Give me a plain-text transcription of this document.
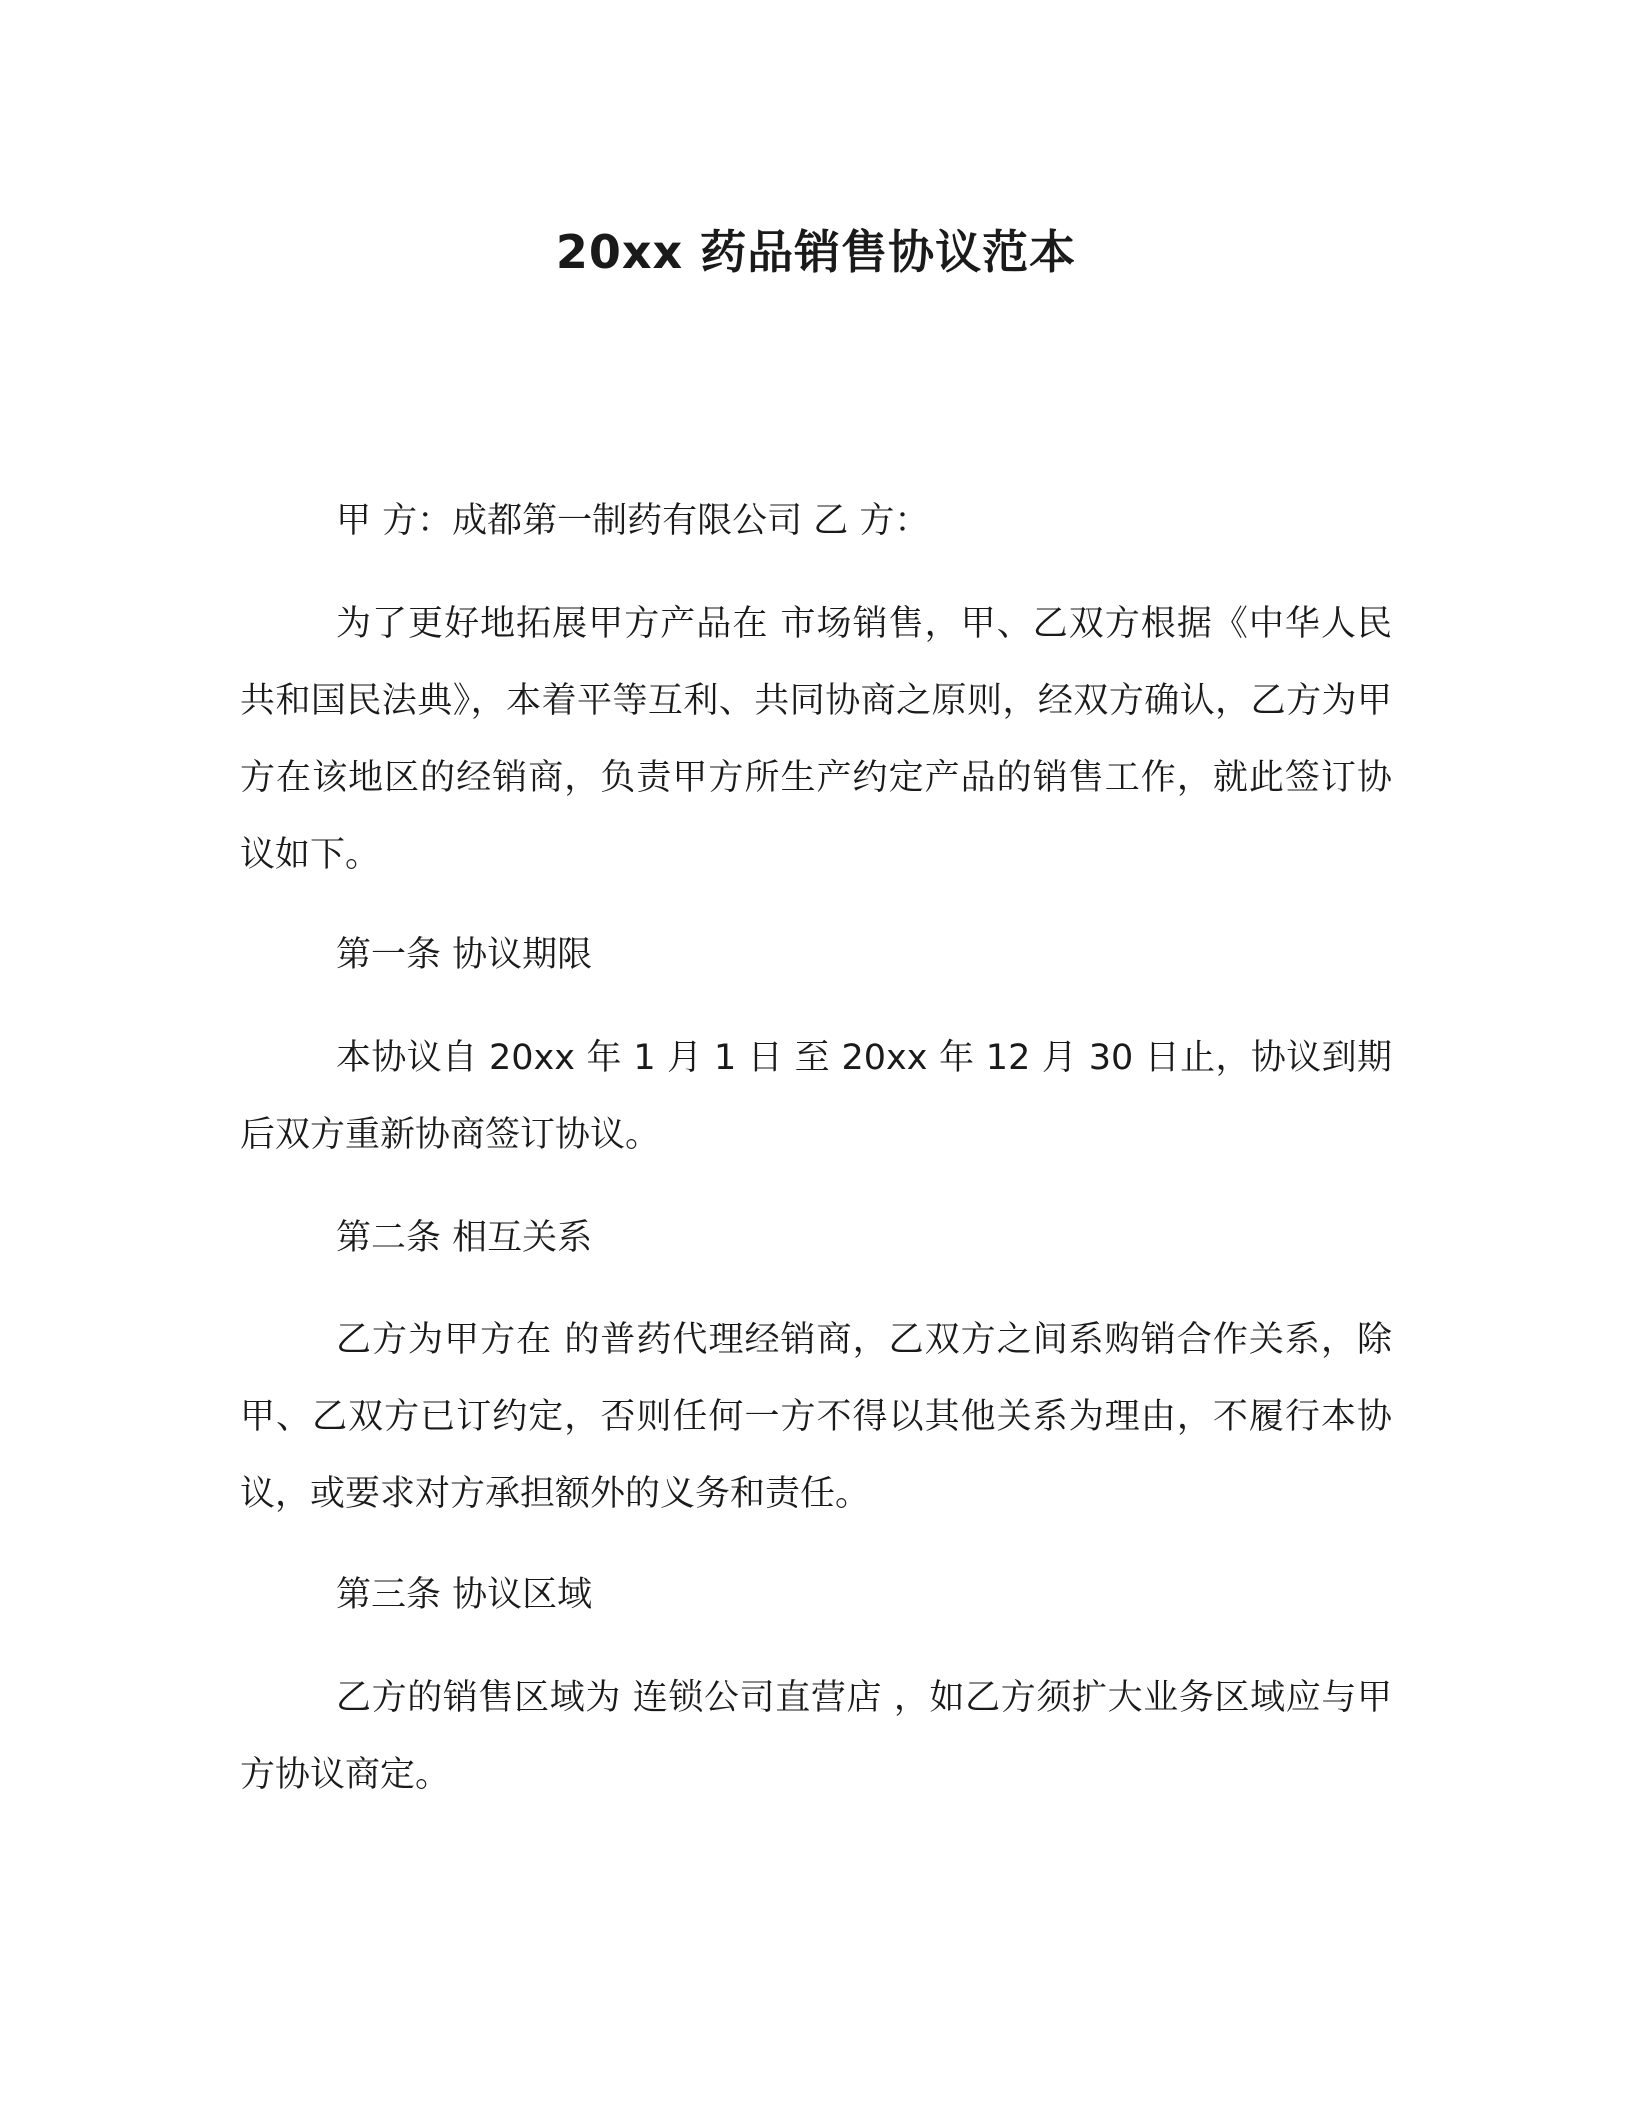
20xx 药品销售协议范本

甲 方：成都第一制药有限公司 乙 方：

为了更好地拓展甲方产品在 市场销售，甲、乙双方根据《中华人民共和国民法典》，本着平等互利、共同协商之原则，经双方确认，乙方为甲方在该地区的经销商，负责甲方所生产约定产品的销售工作，就此签订协议如下。

第一条 协议期限

本协议自 20xx 年 1 月 1 日 至 20xx 年 12 月 30 日止，协议到期后双方重新协商签订协议。

第二条 相互关系

乙方为甲方在 的普药代理经销商，乙双方之间系购销合作关系，除甲、乙双方已订约定，否则任何一方不得以其他关系为理由，不履行本协议，或要求对方承担额外的义务和责任。

第三条 协议区域

乙方的销售区域为 连锁公司直营店 ，如乙方须扩大业务区域应与甲方协议商定。
